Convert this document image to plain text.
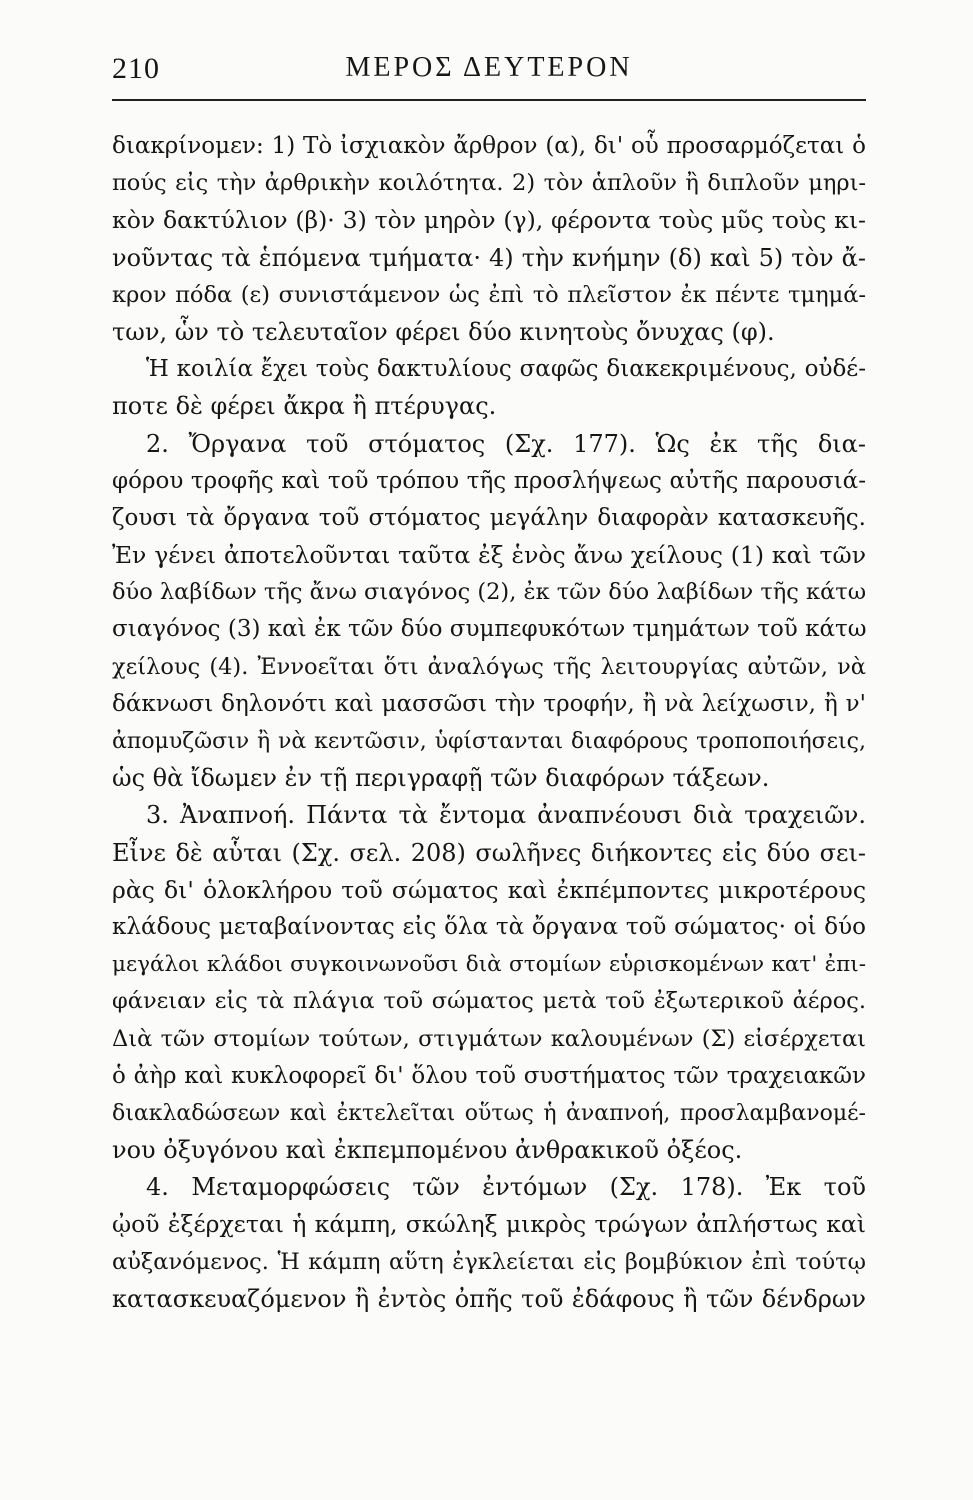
210	ΜΕΡΟΣ ΔΕΥΤΕΡΟΝ
διακρίνομεν: 1) Τὸ ἰσχιακὸν ἄρθρον (α), δι' οὗ προσαρμόζεται ὁ
πούς εἰς τὴν ἀρθρικὴν κοιλότητα. 2) τὸν ἁπλοῦν ἢ διπλοῦν μηρι-
κὸν δακτύλιον (β)· 3) τὸν μηρὸν (γ), φέροντα τοὺς μῦς τοὺς κι-
νοῦντας τὰ ἑπόμενα τμήματα· 4) τὴν κνήμην (δ) καὶ 5) τὸν ἄ-
κρον πόδα (ε) συνιστάμενον ὡς ἐπὶ τὸ πλεῖστον ἐκ πέντε τμημά-
των, ὧν τὸ τελευταῖον φέρει δύο κινητοὺς ὄνυχας (φ).
Ἡ κοιλία ἔχει τοὺς δακτυλίους σαφῶς διακεκριμένους, οὐδέ-
ποτε δὲ φέρει ἄκρα ἢ πτέρυγας.
2. Ὄργανα τοῦ στόματος (Σχ. 177). Ὡς ἐκ τῆς δια-
φόρου τροφῆς καὶ τοῦ τρόπου τῆς προσλήψεως αὐτῆς παρουσιά-
ζουσι τὰ ὄργανα τοῦ στόματος μεγάλην διαφορὰν κατασκευῆς.
Ἐν γένει ἀποτελοῦνται ταῦτα ἐξ ἑνὸς ἄνω χείλους (1) καὶ τῶν
δύο λαβίδων τῆς ἄνω σιαγόνος (2), ἐκ τῶν δύο λαβίδων τῆς κάτω
σιαγόνος (3) καὶ ἐκ τῶν δύο συμπεφυκότων τμημάτων τοῦ κάτω
χείλους (4). Ἐννοεῖται ὅτι ἀναλόγως τῆς λειτουργίας αὐτῶν, νὰ
δάκνωσι δηλονότι καὶ μασσῶσι τὴν τροφήν, ἢ νὰ λείχωσιν, ἢ ν'
ἀπομυζῶσιν ἢ νὰ κεντῶσιν, ὑφίστανται διαφόρους τροποποιήσεις,
ὡς θὰ ἴδωμεν ἐν τῇ περιγραφῇ τῶν διαφόρων τάξεων.
3. Ἀναπνοή. Πάντα τὰ ἔντομα ἀναπνέουσι διὰ τραχειῶν.
Εἶνε δὲ αὗται (Σχ. σελ. 208) σωλῆνες διήκοντες εἰς δύο σει-
ρὰς δι' ὁλοκλήρου τοῦ σώματος καὶ ἐκπέμποντες μικροτέρους
κλάδους μεταβαίνοντας εἰς ὅλα τὰ ὄργανα τοῦ σώματος· οἱ δύο
μεγάλοι κλάδοι συγκοινωνοῦσι διὰ στομίων εὑρισκομένων κατ' ἐπι-
φάνειαν εἰς τὰ πλάγια τοῦ σώματος μετὰ τοῦ ἐξωτερικοῦ ἀέρος.
Διὰ τῶν στομίων τούτων, στιγμάτων καλουμένων (Σ) εἰσέρχεται
ὁ ἀὴρ καὶ κυκλοφορεῖ δι' ὅλου τοῦ συστήματος τῶν τραχειακῶν
διακλαδώσεων καὶ ἐκτελεῖται οὕτως ἡ ἀναπνοή, προσλαμβανομέ-
νου ὀξυγόνου καὶ ἐκπεμπομένου ἀνθρακικοῦ ὀξέος.
4. Μεταμορφώσεις τῶν ἐντόμων (Σχ. 178). Ἐκ τοῦ
ᾠοῦ ἐξέρχεται ἡ κάμπη, σκώληξ μικρὸς τρώγων ἀπλήστως καὶ
αὐξανόμενος. Ἡ κάμπη αὕτη ἐγκλείεται εἰς βομβύκιον ἐπὶ τούτῳ
κατασκευαζόμενον ἢ ἐντὸς ὀπῆς τοῦ ἐδάφους ἢ τῶν δένδρων
